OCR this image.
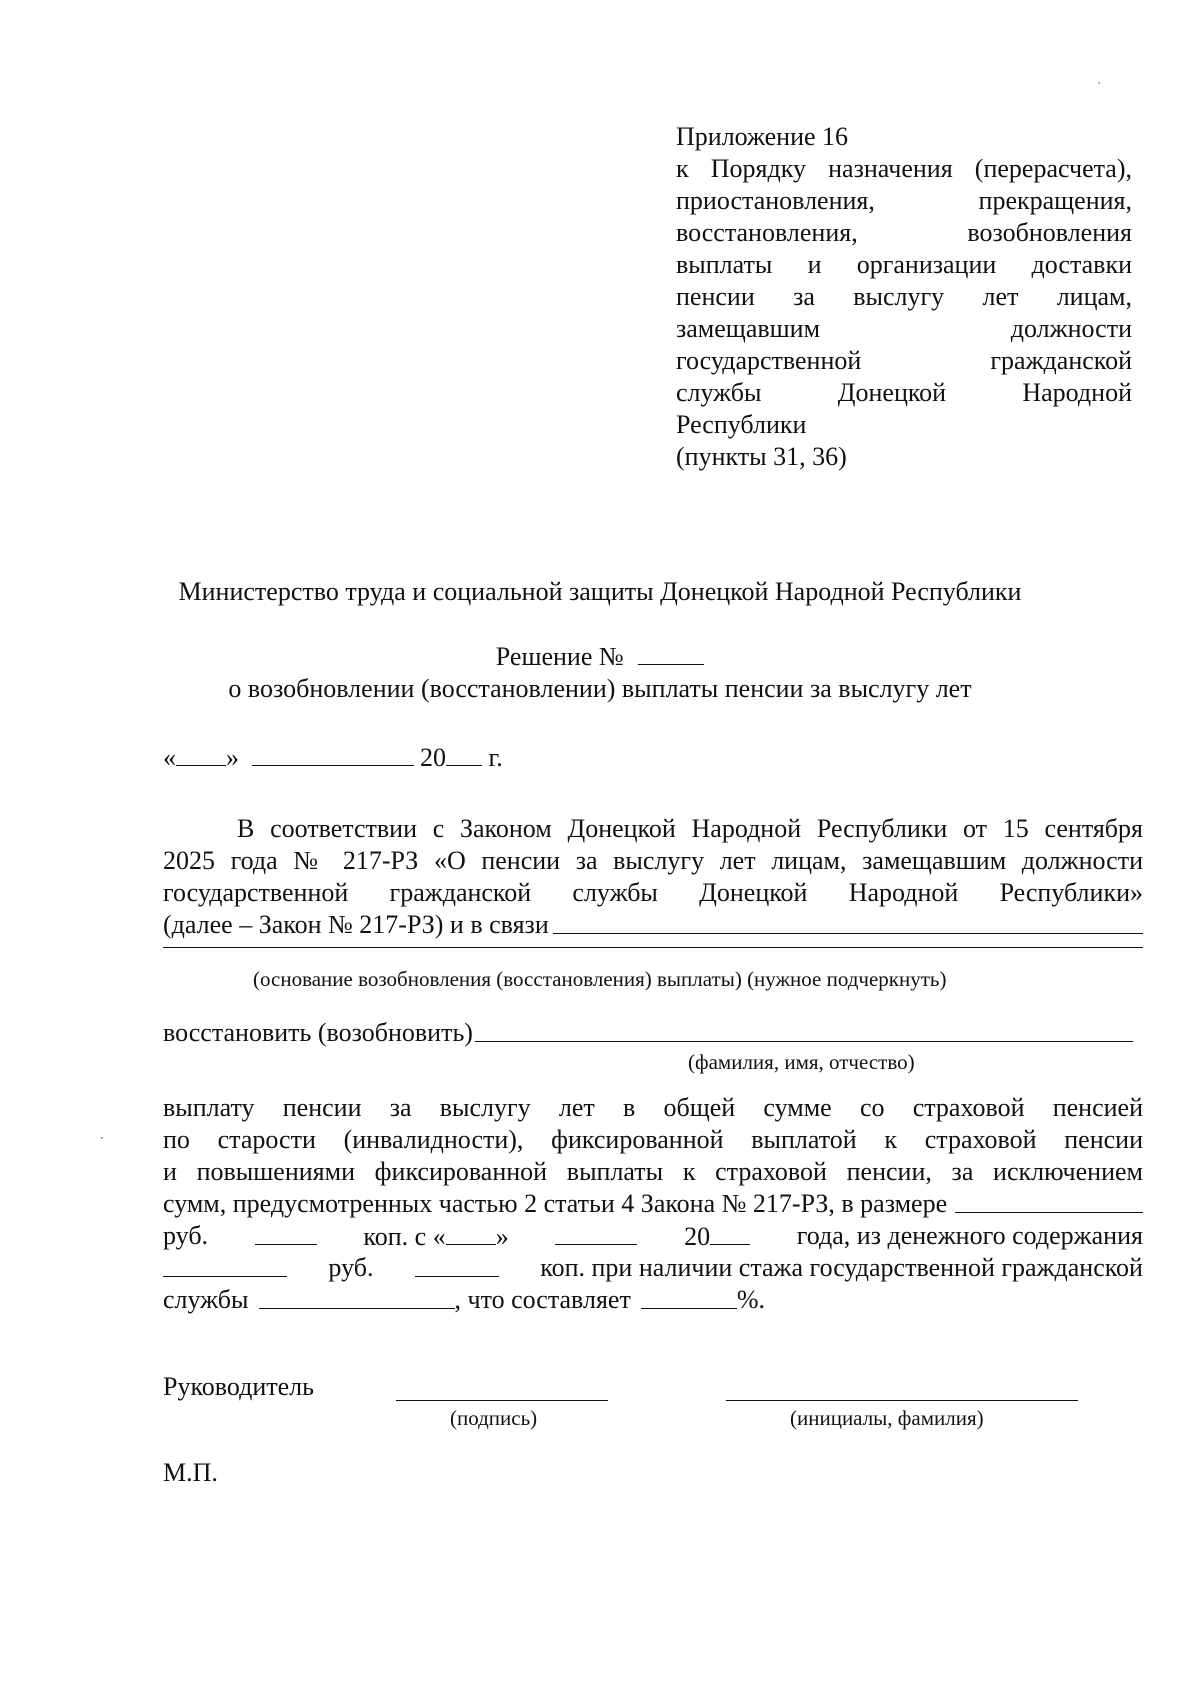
Приложение 16
к Порядку назначения (перерасчета),
приостановления, прекращения,
восстановления, возобновления
выплаты и организации доставки
пенсии за выслугу лет лицам,
замещавшим должности
государственной гражданской
службы Донецкой Народной
Республики
(пункты 31, 36)
Министерство труда и социальной защиты Донецкой Народной Республики
Решение №
о возобновлении (восстановлении) выплаты пенсии за выслугу лет
« »	20 г.
В соответствии с Законом Донецкой Народной Республики от 15 сентября
2025 года № 217-РЗ «О пенсии за выслугу лет лицам, замещавшим должности
государственной гражданской службы Донецкой Народной Республики»
(далее – Закон № 217-РЗ) и в связи
(основание возобновления (восстановления) выплаты) (нужное подчеркнуть)
восстановить (возобновить)
(фамилия, имя, отчество)
выплату пенсии за выслугу лет в общей сумме со страховой пенсией
по старости (инвалидности), фиксированной выплатой к страховой пенсии
и повышениями фиксированной выплаты к страховой пенсии, за исключением
сумм, предусмотренных частью 2 статьи 4 Закона № 217-РЗ, в размере
руб.	коп. с « »	20	года, из денежного содержания
руб.	коп. при наличии стажа государственной гражданской
службы	, что составляет	%.
Руководитель
(подпись)	(инициалы, фамилия)
М.П.
